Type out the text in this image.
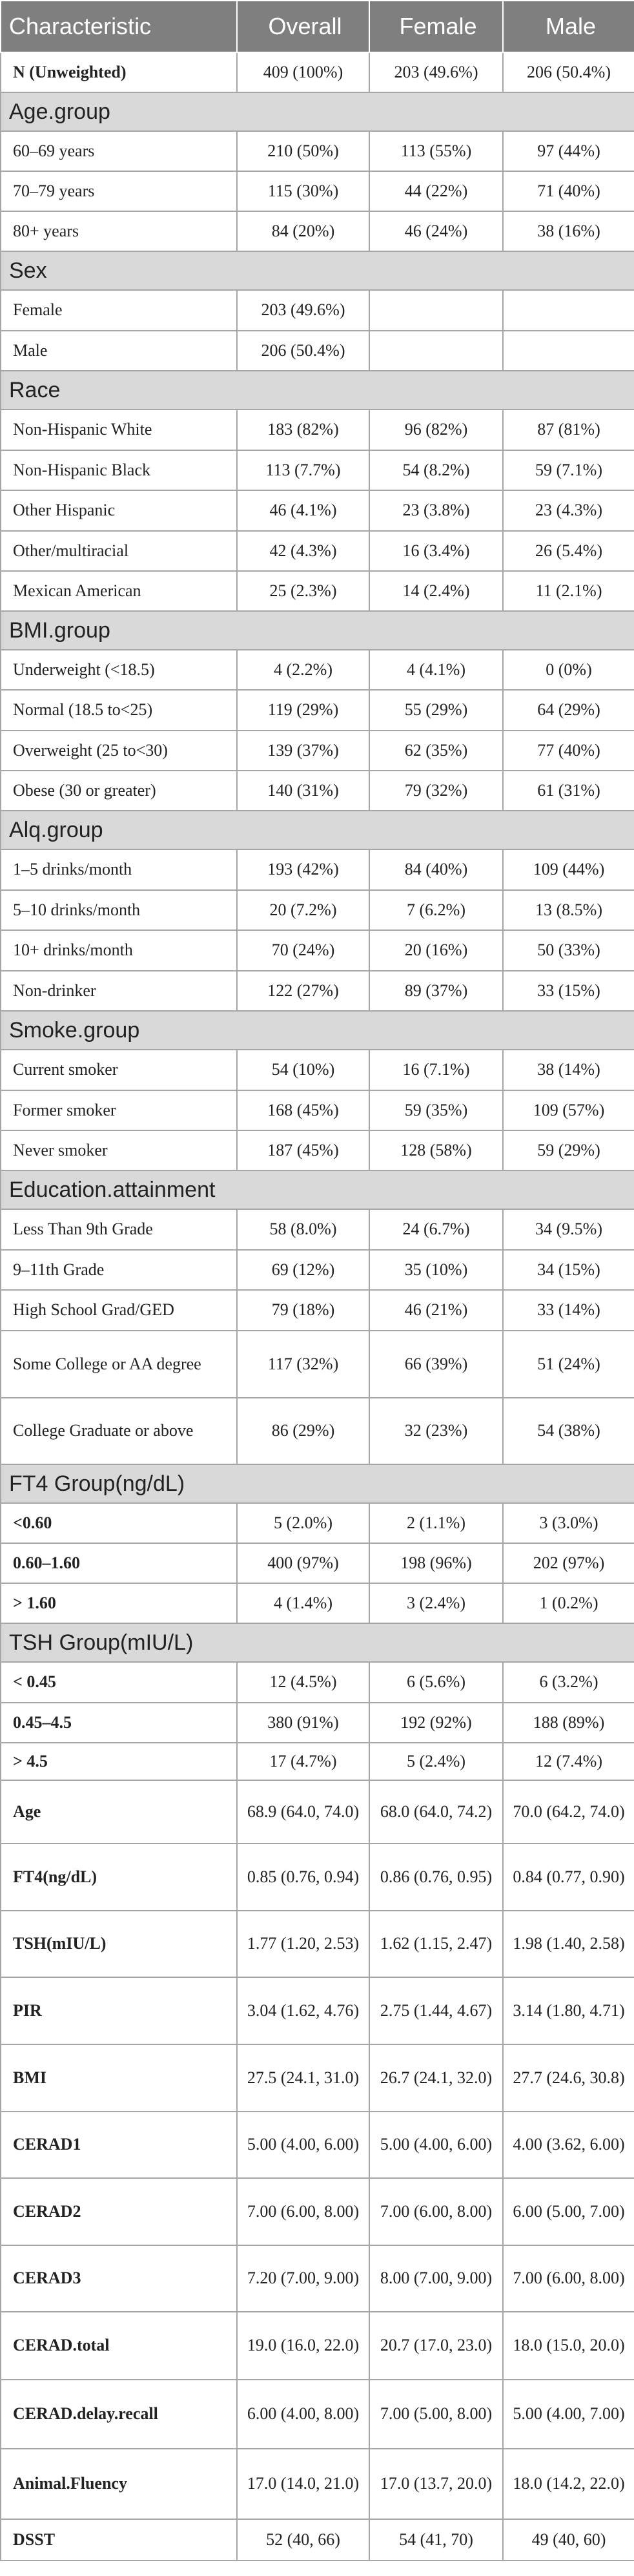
Characteristic	Overall	Female	Male
N (Unweighted)	409 (100%)	203 (49.6%)	206 (50.4%)
Age.group			
60–69 years	210 (50%)	113 (55%)	97 (44%)
70–79 years	115 (30%)	44 (22%)	71 (40%)
80+ years	84 (20%)	46 (24%)	38 (16%)
Sex			
Female	203 (49.6%)		
Male	206 (50.4%)		
Race			
Non-Hispanic White	183 (82%)	96 (82%)	87 (81%)
Non-Hispanic Black	113 (7.7%)	54 (8.2%)	59 (7.1%)
Other Hispanic	46 (4.1%)	23 (3.8%)	23 (4.3%)
Other/multiracial	42 (4.3%)	16 (3.4%)	26 (5.4%)
Mexican American	25 (2.3%)	14 (2.4%)	11 (2.1%)
BMI.group			
Underweight (<18.5)	4 (2.2%)	4 (4.1%)	0 (0%)
Normal (18.5 to<25)	119 (29%)	55 (29%)	64 (29%)
Overweight (25 to<30)	139 (37%)	62 (35%)	77 (40%)
Obese (30 or greater)	140 (31%)	79 (32%)	61 (31%)
Alq.group			
1–5 drinks/month	193 (42%)	84 (40%)	109 (44%)
5–10 drinks/month	20 (7.2%)	7 (6.2%)	13 (8.5%)
10+ drinks/month	70 (24%)	20 (16%)	50 (33%)
Non-drinker	122 (27%)	89 (37%)	33 (15%)
Smoke.group			
Current smoker	54 (10%)	16 (7.1%)	38 (14%)
Former smoker	168 (45%)	59 (35%)	109 (57%)
Never smoker	187 (45%)	128 (58%)	59 (29%)
Education.attainment			
Less Than 9th Grade	58 (8.0%)	24 (6.7%)	34 (9.5%)
9–11th Grade	69 (12%)	35 (10%)	34 (15%)
High School Grad/GED	79 (18%)	46 (21%)	33 (14%)
Some College or AA degree	117 (32%)	66 (39%)	51 (24%)
College Graduate or above	86 (29%)	32 (23%)	54 (38%)
FT4 Group(ng/dL)			
<0.60	5 (2.0%)	2 (1.1%)	3 (3.0%)
0.60–1.60	400 (97%)	198 (96%)	202 (97%)
> 1.60	4 (1.4%)	3 (2.4%)	1 (0.2%)
TSH Group(mIU/L)			
< 0.45	12 (4.5%)	6 (5.6%)	6 (3.2%)
0.45–4.5	380 (91%)	192 (92%)	188 (89%)
> 4.5	17 (4.7%)	5 (2.4%)	12 (7.4%)
Age	68.9 (64.0, 74.0)	68.0 (64.0, 74.2)	70.0 (64.2, 74.0)
FT4(ng/dL)	0.85 (0.76, 0.94)	0.86 (0.76, 0.95)	0.84 (0.77, 0.90)
TSH(mIU/L)	1.77 (1.20, 2.53)	1.62 (1.15, 2.47)	1.98 (1.40, 2.58)
PIR	3.04 (1.62, 4.76)	2.75 (1.44, 4.67)	3.14 (1.80, 4.71)
BMI	27.5 (24.1, 31.0)	26.7 (24.1, 32.0)	27.7 (24.6, 30.8)
CERAD1	5.00 (4.00, 6.00)	5.00 (4.00, 6.00)	4.00 (3.62, 6.00)
CERAD2	7.00 (6.00, 8.00)	7.00 (6.00, 8.00)	6.00 (5.00, 7.00)
CERAD3	7.20 (7.00, 9.00)	8.00 (7.00, 9.00)	7.00 (6.00, 8.00)
CERAD.total	19.0 (16.0, 22.0)	20.7 (17.0, 23.0)	18.0 (15.0, 20.0)
CERAD.delay.recall	6.00 (4.00, 8.00)	7.00 (5.00, 8.00)	5.00 (4.00, 7.00)
Animal.Fluency	17.0 (14.0, 21.0)	17.0 (13.7, 20.0)	18.0 (14.2, 22.0)
DSST	52 (40, 66)	54 (41, 70)	49 (40, 60)
